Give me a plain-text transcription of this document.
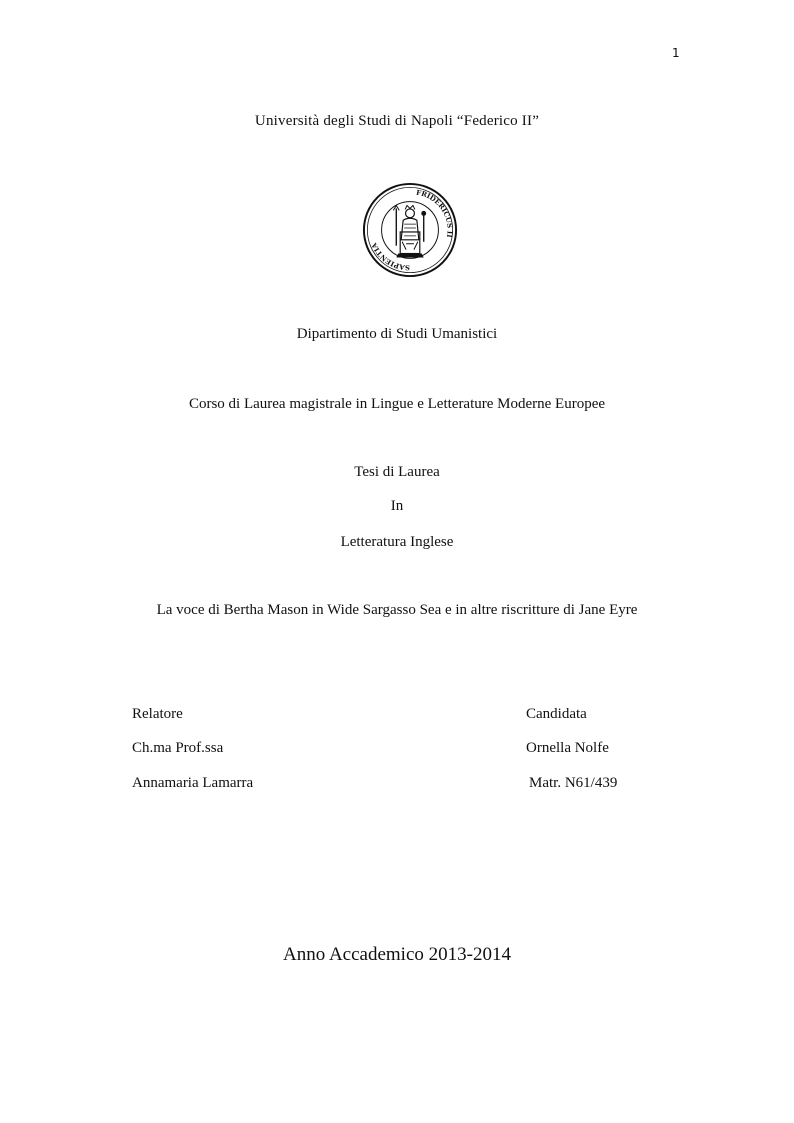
1
Università degli Studi di Napoli “Federico II”
SAPIENTIA
FRIDERICUS II
Dipartimento di Studi Umanistici
Corso di Laurea magistrale in Lingue e Letterature Moderne Europee
Tesi di Laurea
In
Letteratura Inglese
La voce di Bertha Mason in Wide Sargasso Sea e in altre riscritture di Jane Eyre
Relatore
Ch.ma Prof.ssa
Annamaria Lamarra
Candidata
Ornella Nolfe
Matr. N61/439
Anno Accademico 2013-2014
